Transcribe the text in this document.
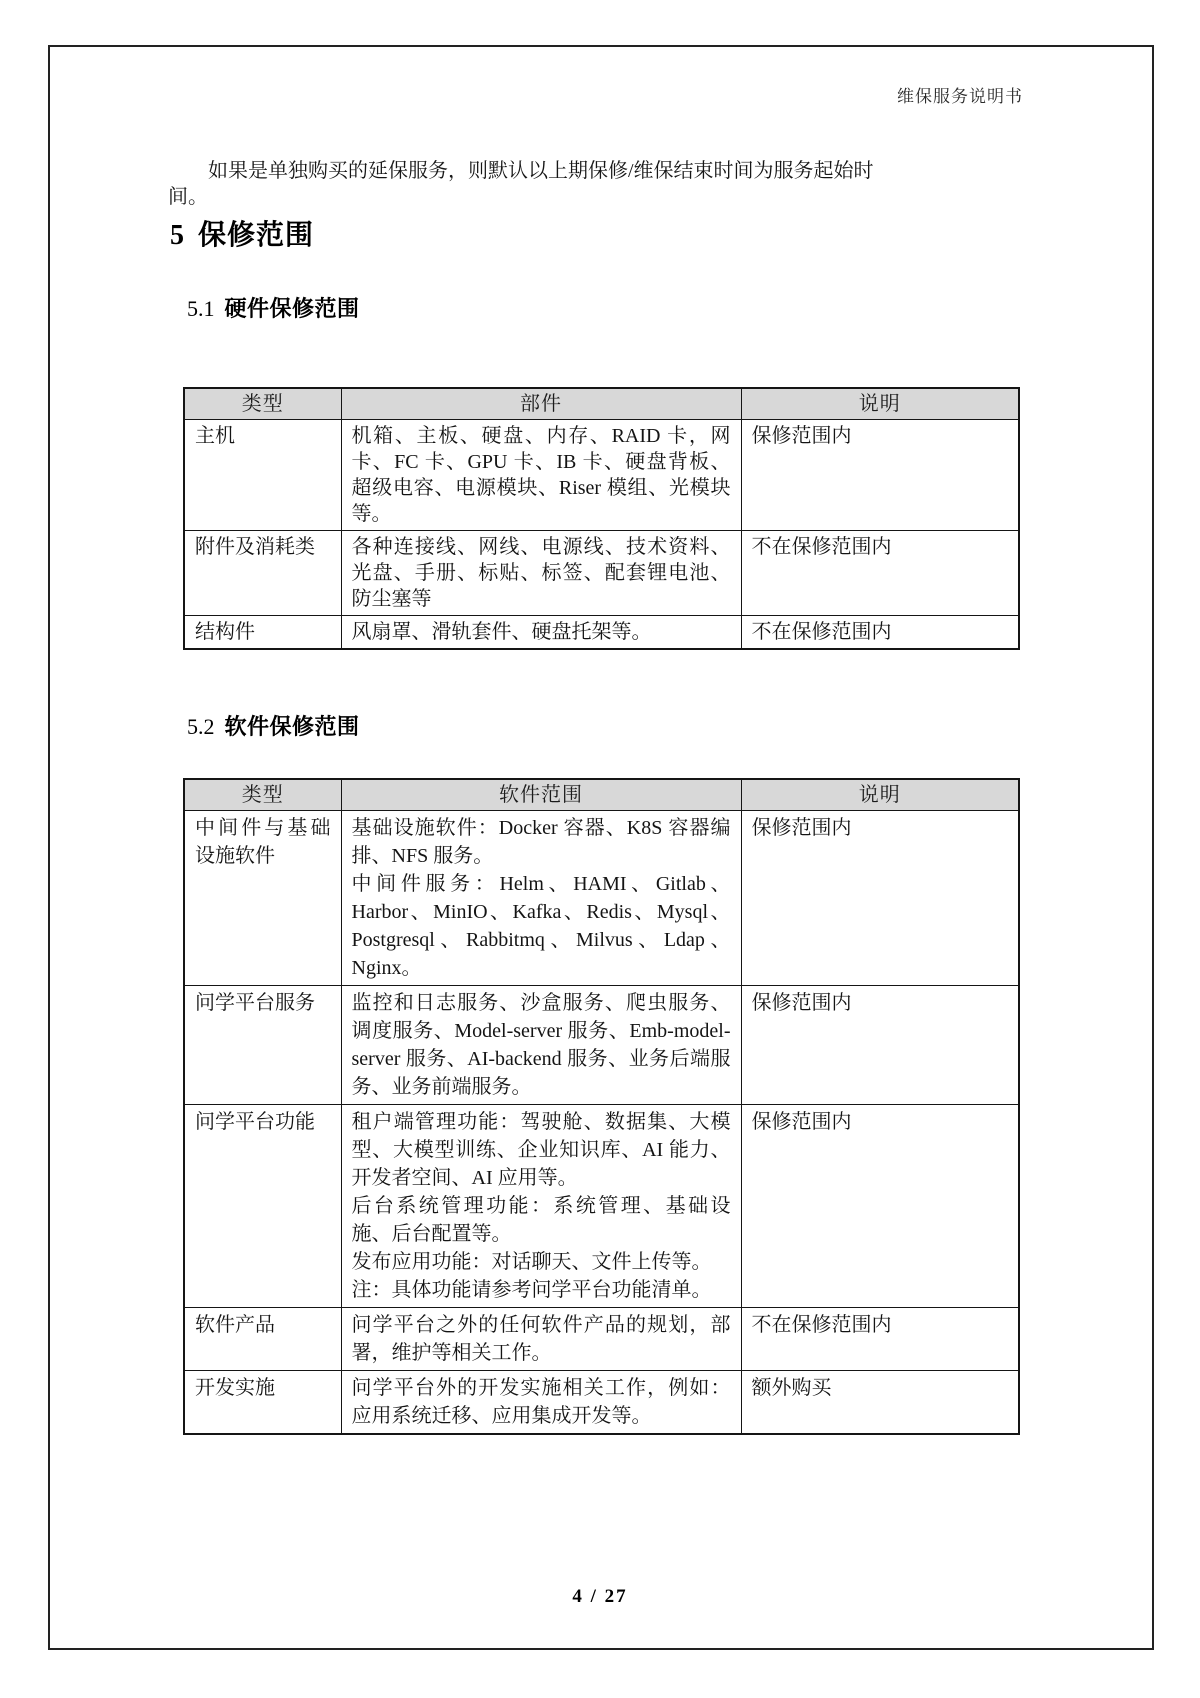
维保服务说明书

如果是单独购买的延保服务，则默认以上期保修/维保结束时间为服务起始时间。

5 保修范围
5.1 硬件保修范围
类型	部件	说明

主机	机箱、主板、硬盘、内存、RAID 卡，网卡、FC 卡、GPU 卡、IB 卡、硬盘背板、超级电容、电源模块、Riser 模组、光模块等。	保修范围内

附件及消耗类	各种连接线、网线、电源线、技术资料、光盘、手册、标贴、标签、配套锂电池、防尘塞等	不在保修范围内

结构件	风扇罩、滑轨套件、硬盘托架等。	不在保修范围内
5.2 软件保修范围
类型	软件范围	说明

中间件与基础设施软件	基础设施软件：Docker 容器、K8S 容器编排、NFS 服务。
中间件服务：Helm、HAMI、Gitlab、Harbor、MinIO、Kafka、Redis、Mysql、Postgresql、Rabbitmq、Milvus、Ldap、Nginx。	保修范围内

问学平台服务	监控和日志服务、沙盒服务、爬虫服务、调度服务、Model-server 服务、Emb-model-server 服务、AI-backend 服务、业务后端服务、业务前端服务。	保修范围内

问学平台功能	租户端管理功能：驾驶舱、数据集、大模型、大模型训练、企业知识库、AI 能力、开发者空间、AI 应用等。
后台系统管理功能：系统管理、基础设施、后台配置等。
发布应用功能：对话聊天、文件上传等。
注：具体功能请参考问学平台功能清单。	保修范围内

软件产品	问学平台之外的任何软件产品的规划，部署，维护等相关工作。	不在保修范围内

开发实施	问学平台外的开发实施相关工作，例如：应用系统迁移、应用集成开发等。	额外购买
4 / 27
